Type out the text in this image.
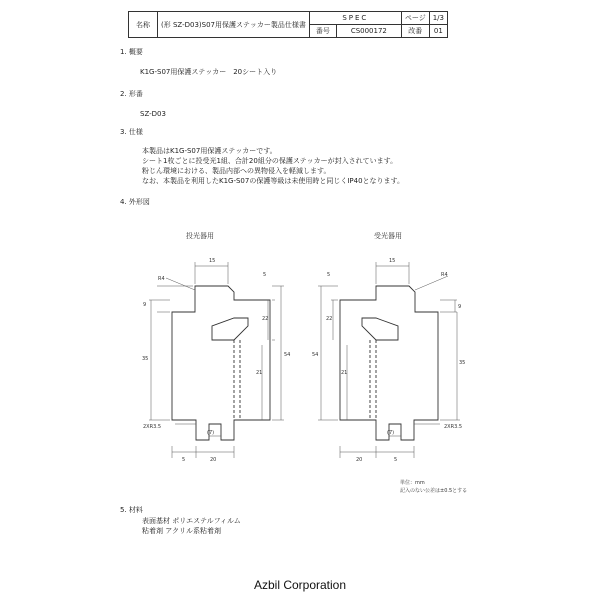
名称	(形 SZ-D03)S07用保護ステッカー製品仕様書	SPEC		ページ	1/3
		番号	CS000172	改番	01
1. 概要
K1G-S07用保護ステッカー　20シート入り
2. 形番
SZ-D03
3. 仕様
本製品はK1G-S07用保護ステッカーです。
シート1枚ごとに投受光1組、合計20組分の保護ステッカーが封入されています。
粉じん環境における、製品内部への異物侵入を軽減します。
なお、本製品を利用したK1G-S07の保護等級は未使用時と同じくIP40となります。
4. 外形図
投光器用
15
R4
9
35
54
22
21
5
(7)
5	20
2XR3.5
受光器用
15
R4
9
35
54
22
21
5
(7)
20	5
2XR3.5
単位：mm
記入のない公差は±0.5とする
5. 材料
表面基材 ポリエステルフィルム
粘着剤 アクリル系粘着剤
Azbil Corporation
